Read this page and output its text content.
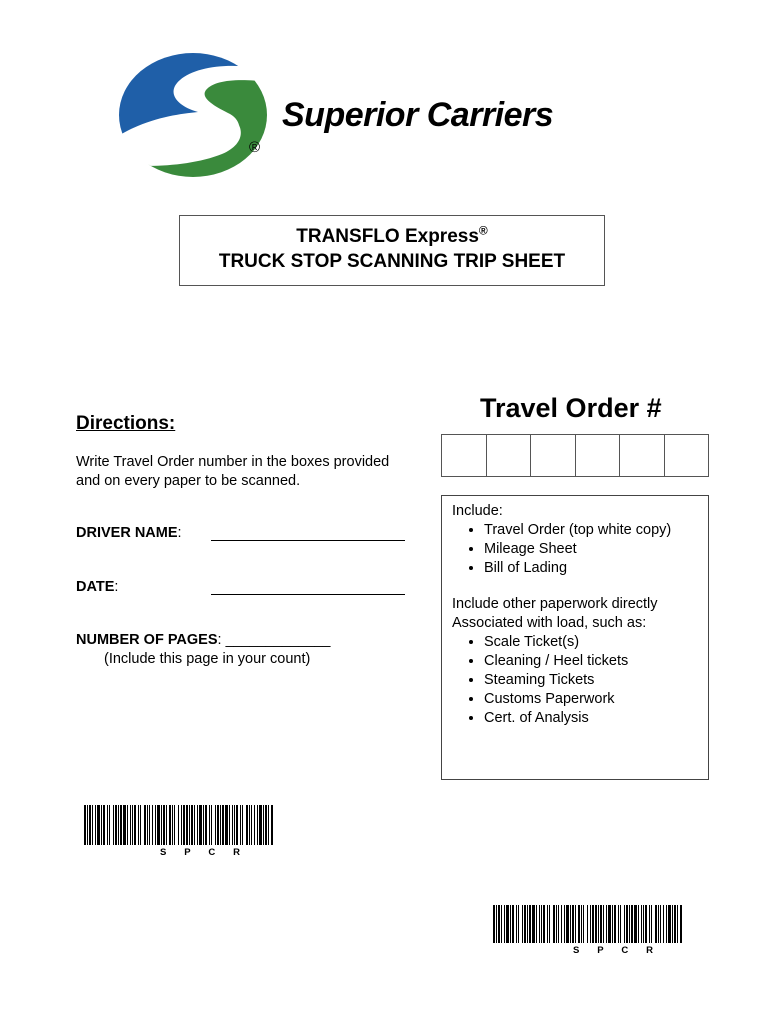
Superior Carriers
®
TRANSFLO Express®
TRUCK STOP SCANNING TRIP SHEET
Directions:
Write Travel Order number in the boxes provided and on every paper to be scanned.
DRIVER NAME:
DATE:
NUMBER OF PAGES: _____________
(Include this page in your count)
Travel Order #

Include:

• Travel Order (top white copy)
• Mileage Sheet
• Bill of Lading

Include other paperwork directly

Associated with load, such as:

• Scale Ticket(s)
• Cleaning / Heel tickets
• Steaming Tickets
• Customs Paperwork
• Cert. of Analysis
S P C R
S P C R
